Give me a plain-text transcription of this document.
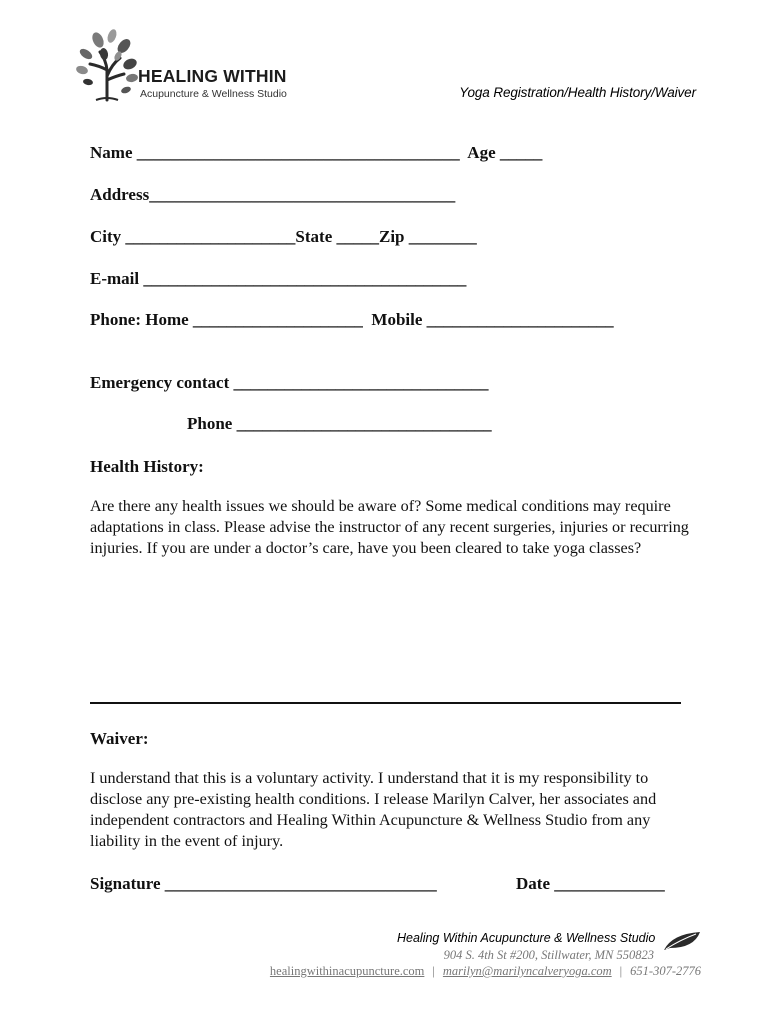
HEALING WITHIN
Acupuncture & Wellness Studio	Yoga Registration/Health History/Waiver
Name ______________________________________  Age _____
Address____________________________________
City ____________________State _____Zip ________
E-mail ______________________________________
Phone: Home ____________________  Mobile ______________________
Emergency contact ______________________________
Phone ______________________________
Health History:
Are there any health issues we should be aware of? Some medical conditions may require adaptations in class. Please advise the instructor of any recent surgeries, injuries or recurring injuries. If you are under a doctor’s care, have you been cleared to take yoga classes?
Waiver:
I understand that this is a voluntary activity. I understand that it is my responsibility to disclose any pre-existing health conditions. I release Marilyn Calver, her associates and independent contractors and Healing Within Acupuncture & Wellness Studio from any liability in the event of injury.
Signature ________________________________	Date _____________
Healing Within Acupuncture & Wellness Studio
904 S. 4th St #200, Stillwater, MN 550823
healingwithinacupuncture.com | marilyn@marilyncalveryoga.com | 651-307-2776
